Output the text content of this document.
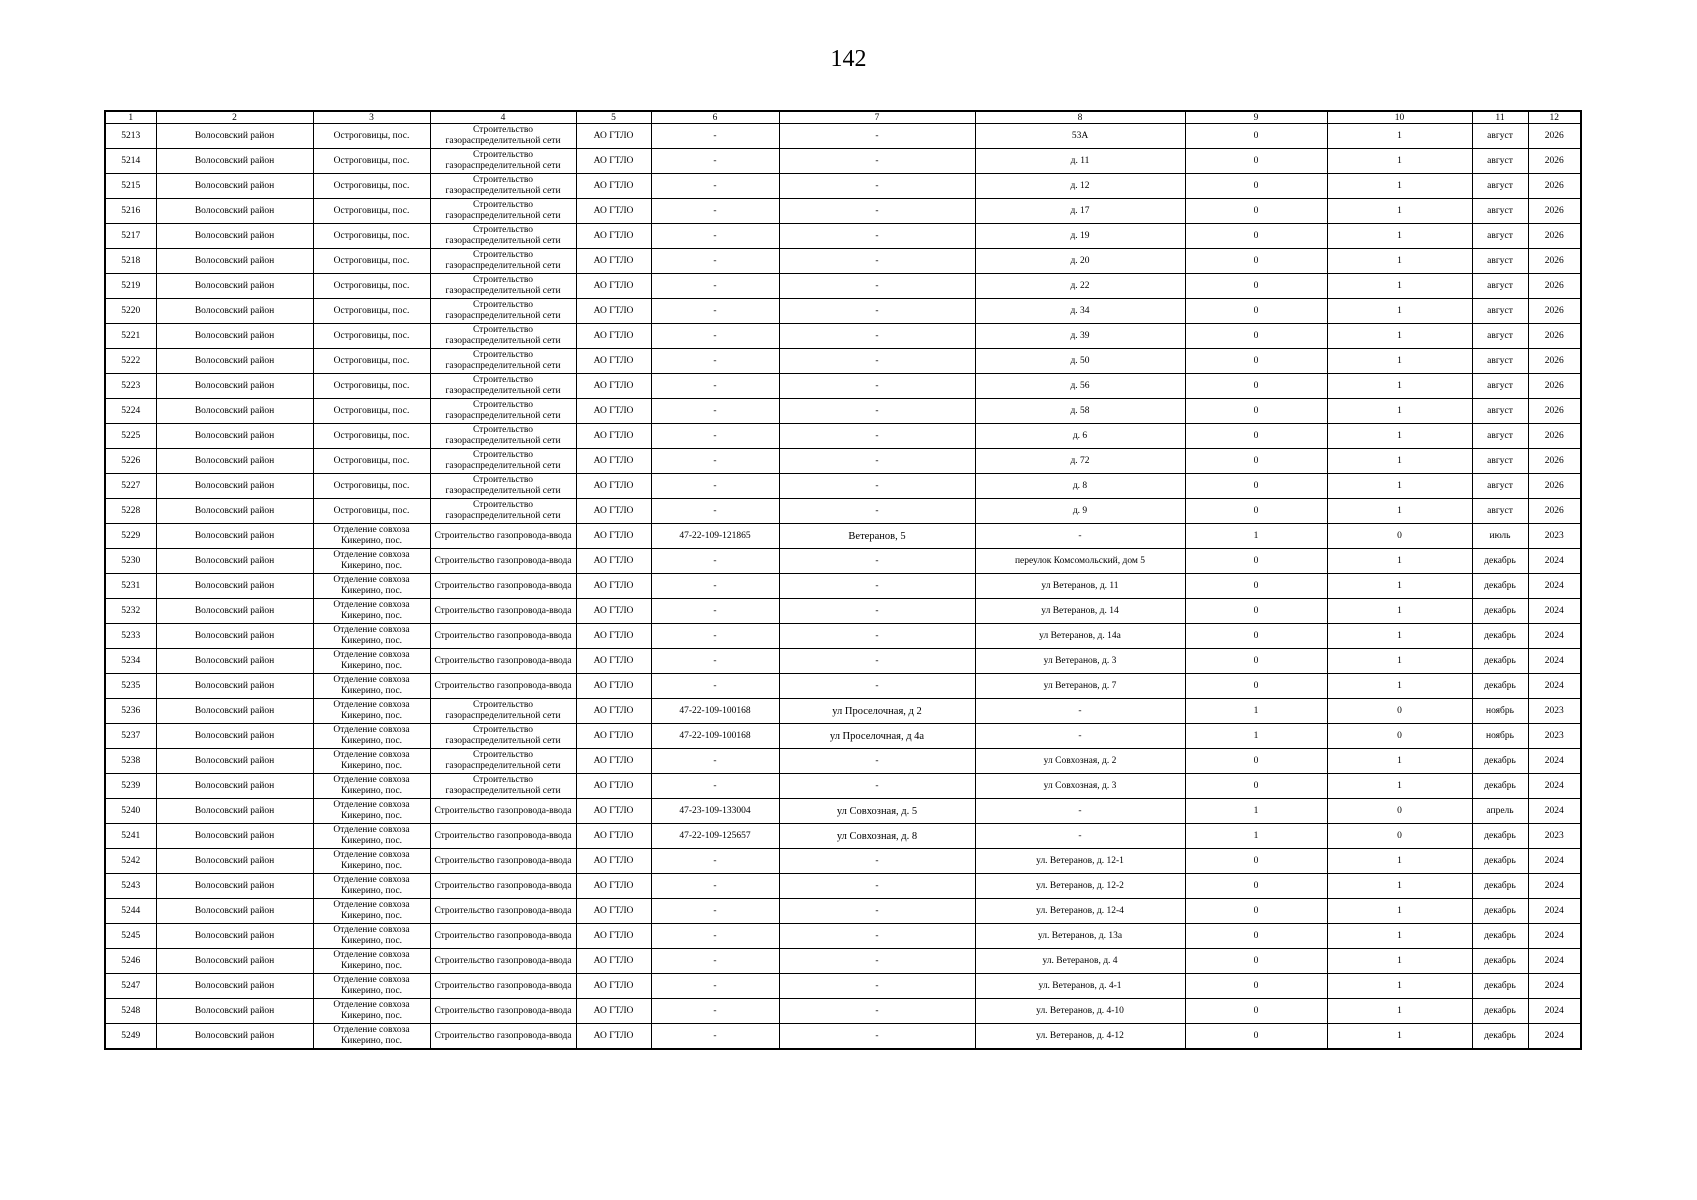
142
1	2	3	4	5	6	7	8	9	10	11	12
5213	Волосовский район	Остроговицы, пос.	Строительство газораспределительной сети	АО ГТЛО	-	-	53А	0	1	август	2026
5214	Волосовский район	Остроговицы, пос.	Строительство газораспределительной сети	АО ГТЛО	-	-	д. 11	0	1	август	2026
5215	Волосовский район	Остроговицы, пос.	Строительство газораспределительной сети	АО ГТЛО	-	-	д. 12	0	1	август	2026
5216	Волосовский район	Остроговицы, пос.	Строительство газораспределительной сети	АО ГТЛО	-	-	д. 17	0	1	август	2026
5217	Волосовский район	Остроговицы, пос.	Строительство газораспределительной сети	АО ГТЛО	-	-	д. 19	0	1	август	2026
5218	Волосовский район	Остроговицы, пос.	Строительство газораспределительной сети	АО ГТЛО	-	-	д. 20	0	1	август	2026
5219	Волосовский район	Остроговицы, пос.	Строительство газораспределительной сети	АО ГТЛО	-	-	д. 22	0	1	август	2026
5220	Волосовский район	Остроговицы, пос.	Строительство газораспределительной сети	АО ГТЛО	-	-	д. 34	0	1	август	2026
5221	Волосовский район	Остроговицы, пос.	Строительство газораспределительной сети	АО ГТЛО	-	-	д. 39	0	1	август	2026
5222	Волосовский район	Остроговицы, пос.	Строительство газораспределительной сети	АО ГТЛО	-	-	д. 50	0	1	август	2026
5223	Волосовский район	Остроговицы, пос.	Строительство газораспределительной сети	АО ГТЛО	-	-	д. 56	0	1	август	2026
5224	Волосовский район	Остроговицы, пос.	Строительство газораспределительной сети	АО ГТЛО	-	-	д. 58	0	1	август	2026
5225	Волосовский район	Остроговицы, пос.	Строительство газораспределительной сети	АО ГТЛО	-	-	д. 6	0	1	август	2026
5226	Волосовский район	Остроговицы, пос.	Строительство газораспределительной сети	АО ГТЛО	-	-	д. 72	0	1	август	2026
5227	Волосовский район	Остроговицы, пос.	Строительство газораспределительной сети	АО ГТЛО	-	-	д. 8	0	1	август	2026
5228	Волосовский район	Остроговицы, пос.	Строительство газораспределительной сети	АО ГТЛО	-	-	д. 9	0	1	август	2026
5229	Волосовский район	Отделение совхоза Кикерино, пос.	Строительство газопровода-ввода	АО ГТЛО	47-22-109-121865	Ветеранов, 5	-	1	0	июль	2023
5230	Волосовский район	Отделение совхоза Кикерино, пос.	Строительство газопровода-ввода	АО ГТЛО	-	-	переулок Комсомольский, дом 5	0	1	декабрь	2024
5231	Волосовский район	Отделение совхоза Кикерино, пос.	Строительство газопровода-ввода	АО ГТЛО	-	-	ул Ветеранов, д. 11	0	1	декабрь	2024
5232	Волосовский район	Отделение совхоза Кикерино, пос.	Строительство газопровода-ввода	АО ГТЛО	-	-	ул Ветеранов, д. 14	0	1	декабрь	2024
5233	Волосовский район	Отделение совхоза Кикерино, пос.	Строительство газопровода-ввода	АО ГТЛО	-	-	ул Ветеранов, д. 14а	0	1	декабрь	2024
5234	Волосовский район	Отделение совхоза Кикерино, пос.	Строительство газопровода-ввода	АО ГТЛО	-	-	ул Ветеранов, д. 3	0	1	декабрь	2024
5235	Волосовский район	Отделение совхоза Кикерино, пос.	Строительство газопровода-ввода	АО ГТЛО	-	-	ул Ветеранов, д. 7	0	1	декабрь	2024
5236	Волосовский район	Отделение совхоза Кикерино, пос.	Строительство газораспределительной сети	АО ГТЛО	47-22-109-100168	ул Проселочная, д 2	-	1	0	ноябрь	2023
5237	Волосовский район	Отделение совхоза Кикерино, пос.	Строительство газораспределительной сети	АО ГТЛО	47-22-109-100168	ул Проселочная, д 4а	-	1	0	ноябрь	2023
5238	Волосовский район	Отделение совхоза Кикерино, пос.	Строительство газораспределительной сети	АО ГТЛО	-	-	ул Совхозная, д. 2	0	1	декабрь	2024
5239	Волосовский район	Отделение совхоза Кикерино, пос.	Строительство газораспределительной сети	АО ГТЛО	-	-	ул Совхозная, д. 3	0	1	декабрь	2024
5240	Волосовский район	Отделение совхоза Кикерино, пос.	Строительство газопровода-ввода	АО ГТЛО	47-23-109-133004	ул Совхозная, д. 5	-	1	0	апрель	2024
5241	Волосовский район	Отделение совхоза Кикерино, пос.	Строительство газопровода-ввода	АО ГТЛО	47-22-109-125657	ул Совхозная, д. 8	-	1	0	декабрь	2023
5242	Волосовский район	Отделение совхоза Кикерино, пос.	Строительство газопровода-ввода	АО ГТЛО	-	-	ул. Ветеранов, д. 12-1	0	1	декабрь	2024
5243	Волосовский район	Отделение совхоза Кикерино, пос.	Строительство газопровода-ввода	АО ГТЛО	-	-	ул. Ветеранов, д. 12-2	0	1	декабрь	2024
5244	Волосовский район	Отделение совхоза Кикерино, пос.	Строительство газопровода-ввода	АО ГТЛО	-	-	ул. Ветеранов, д. 12-4	0	1	декабрь	2024
5245	Волосовский район	Отделение совхоза Кикерино, пос.	Строительство газопровода-ввода	АО ГТЛО	-	-	ул. Ветеранов, д. 13а	0	1	декабрь	2024
5246	Волосовский район	Отделение совхоза Кикерино, пос.	Строительство газопровода-ввода	АО ГТЛО	-	-	ул. Ветеранов, д. 4	0	1	декабрь	2024
5247	Волосовский район	Отделение совхоза Кикерино, пос.	Строительство газопровода-ввода	АО ГТЛО	-	-	ул. Ветеранов, д. 4-1	0	1	декабрь	2024
5248	Волосовский район	Отделение совхоза Кикерино, пос.	Строительство газопровода-ввода	АО ГТЛО	-	-	ул. Ветеранов, д. 4-10	0	1	декабрь	2024
5249	Волосовский район	Отделение совхоза Кикерино, пос.	Строительство газопровода-ввода	АО ГТЛО	-	-	ул. Ветеранов, д. 4-12	0	1	декабрь	2024
